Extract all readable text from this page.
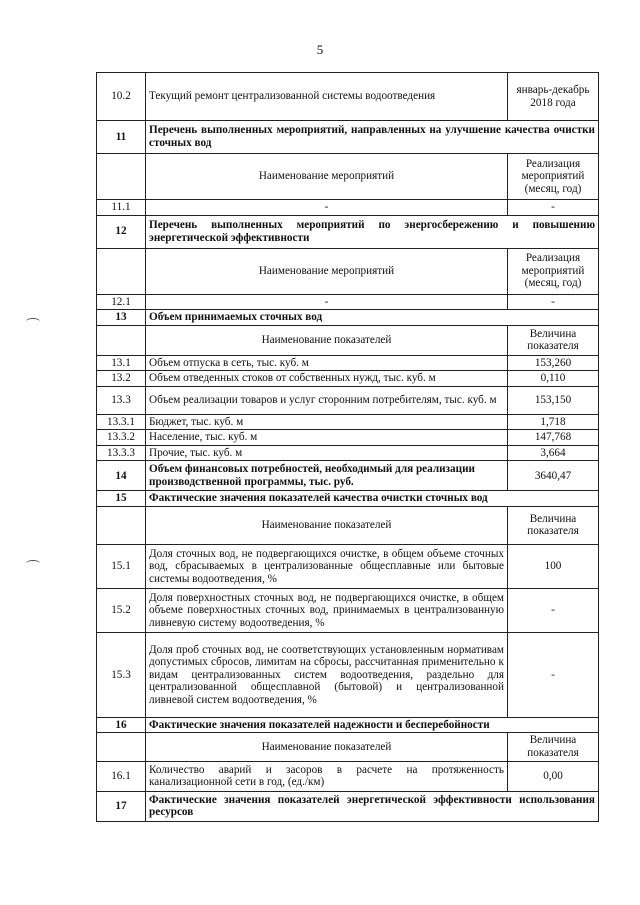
5
10.2	Текущий ремонт централизованной системы водоотведения	январь-декабрь 2018 года
11	Перечень выполненных мероприятий, направленных на улучшение качества очистки сточных вод	
	Наименование мероприятий	Реализация мероприятий (месяц, год)
11.1	-	-
12	Перечень выполненных мероприятий по энергосбережению и повышению энергетической эффективности	
	Наименование мероприятий	Реализация мероприятий (месяц, год)
12.1	-	-
13	Объем принимаемых сточных вод	
	Наименование показателей	Величина показателя
13.1	Объем отпуска в сеть, тыс. куб. м	153,260
13.2	Объем отведенных стоков от собственных нужд, тыс. куб. м	0,110
13.3	Объем реализации товаров и услуг сторонним потребителям, тыс. куб. м	153,150
13.3.1	Бюджет, тыс. куб. м	1,718
13.3.2	Население, тыс. куб. м	147,768
13.3.3	Прочие, тыс. куб. м	3,664
14	Объем финансовых потребностей, необходимый для реализации производственной программы, тыс. руб.	3640,47
15	Фактические значения показателей качества очистки сточных вод	
	Наименование показателей	Величина показателя
15.1	Доля сточных вод, не подвергающихся очистке, в общем объеме сточных вод, сбрасываемых в централизованные общесплавные или бытовые системы водоотведения, %	100
15.2	Доля поверхностных сточных вод, не подвергающихся очистке, в общем объеме поверхностных сточных вод, принимаемых в централизованную ливневую систему водоотведения, %	-
15.3	Доля проб сточных вод, не соответствующих установленным нормативам допустимых сбросов, лимитам на сбросы, рассчитанная применительно к видам централизованных систем водоотведения, раздельно для централизованной общесплавной (бытовой) и централизованной ливневой систем водоотведения, %	-
16	Фактические значения показателей надежности и бесперебойности	
	Наименование показателей	Величина показателя
16.1	Количество аварий и засоров в расчете на протяженность канализационной сети в год, (ед./км)	0,00
17	Фактические значения показателей энергетической эффективности использования ресурсов	
